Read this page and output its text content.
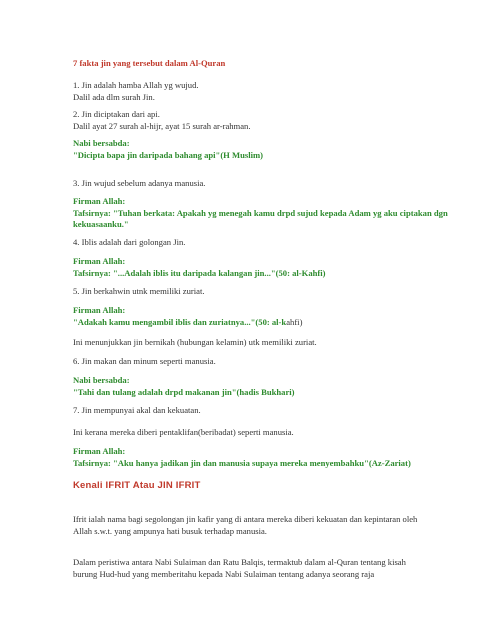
7 fakta jin yang tersebut dalam Al-Quran
1. Jin adalah hamba Allah yg wujud.
Dalil ada dlm surah Jin.
2. Jin diciptakan dari api.
Dalil ayat 27 surah al-hijr, ayat 15 surah ar-rahman.
Nabi bersabda:
"Dicipta bapa jin daripada bahang api"(H Muslim)
3. Jin wujud sebelum adanya manusia.
Firman Allah:
Tafsirnya: "Tuhan berkata: Apakah yg menegah kamu drpd sujud kepada Adam yg aku ciptakan dgn kekuasaanku."
4. Iblis adalah dari golongan Jin.
Firman Allah:
Tafsirnya: "...Adalah iblis itu daripada kalangan jin..."(50: al-Kahfi)
5. Jin berkahwin utnk memiliki zuriat.
Firman Allah:
"Adakah kamu mengambil iblis dan zuriatnya..."(50: al-kahfi)
Ini menunjukkan jin bernikah (hubungan kelamin) utk memiliki zuriat.
6. Jin makan dan minum seperti manusia.
Nabi bersabda:
"Tahi dan tulang adalah drpd makanan jin"(hadis Bukhari)
7. Jin mempunyai akal dan kekuatan.
Ini kerana mereka diberi pentaklifan(beribadat) seperti manusia.
Firman Allah:
Tafsirnya: "Aku hanya jadikan jin dan manusia supaya mereka menyembahku"(Az-Zariat)
Kenali IFRIT Atau JIN IFRIT
Ifrit ialah nama bagi segolongan jin kafir yang di antara mereka diberi kekuatan dan kepintaran oleh Allah s.w.t. yang ampunya hati busuk terhadap manusia.
Dalam peristiwa antara Nabi Sulaiman dan Ratu Balqis, termaktub dalam al-Quran tentang kisah burung Hud-hud yang memberitahu kepada Nabi Sulaiman tentang adanya seorang raja
